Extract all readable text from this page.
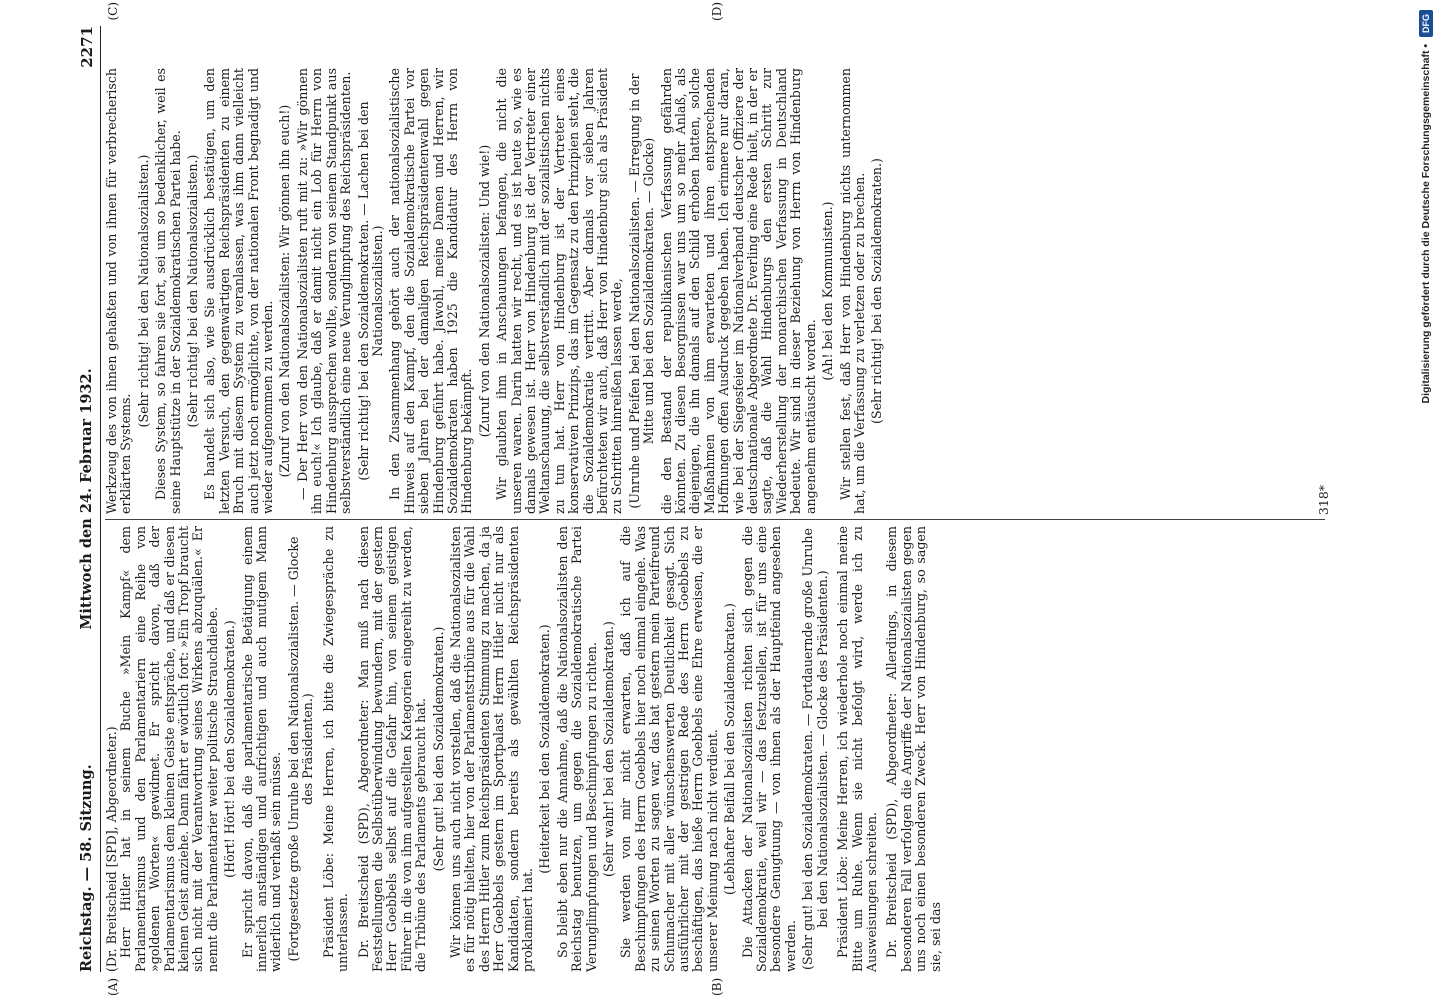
Reichstag. — 58. Sitzung.
Mittwoch den 24. Februar 1932.
2271

(Dr. Breitscheid [SPD], Abgeordneter.) Herr Hitler hat in seinem Buche »Mein Kampf« dem Parlamentarismus und den Parlamentariern eine Reihe von »goldenen Worten« gewidmet. Er spricht davon, daß der Parlamentarismus dem kleinen Geiste entspräche, und daß er diesen kleinen Geist anziehe. Dann fährt er wörtlich fort: »Ein Tropf braucht sich nicht mit der Verantwortung seines Wirkens abzuquälen.« Er nennt die Parlamentarier weiter politische Strauchdiebe. (Hört! Hört! bei den Sozialdemokraten.) Er spricht davon, daß die parlamentarische Betätigung einem innerlich anständigen und aufrichtigen und auch mutigem Mann widerlich und verhaßt sein müsse. (Fortgesetzte große Unruhe bei den Nationalsozialisten. — Glocke des Präsidenten.) Präsident Löbe: Meine Herren, ich bitte die Zwiegespräche zu unterlassen. Dr. Breitscheid (SPD), Abgeordneter: Man muß nach diesen Feststellungen die Selbstüberwindung bewundern, mit der gestern Herr Goebbels selbst auf die Gefahr hin, von seinem geistigen Führer in die von ihm aufgestellten Kategorien eingereiht zu werden, die Tribüne des Parlaments gebraucht hat. (Sehr gut! bei den Sozialdemokraten.) Wir können uns auch nicht vorstellen, daß die Nationalsozialisten es für nötig hielten, hier von der Parlamentstribüne aus für die Wahl des Herrn Hitler zum Reichspräsidenten Stimmung zu machen, da ja Herr Goebbels gestern im Sportpalast Herrn Hitler nicht nur als Kandidaten, sondern bereits als gewählten Reichspräsidenten proklamiert hat.

(Heiterkeit bei den Sozialdemokraten.) So bleibt eben nur die Annahme, daß die Nationalsozialisten den Reichstag benutzen, um gegen die Sozialdemokratische Partei Verunglimpfungen und Beschimpfungen zu richten. (Sehr wahr! bei den Sozialdemokraten.) Sie werden von mir nicht erwarten, daß ich auf die Beschimpfungen des Herrn Goebbels hier noch einmal eingehe. Was zu seinen Worten zu sagen war, das hat gestern mein Parteifreund Schumacher mit aller wünschenswerten Deutlichkeit gesagt. Sich ausführlicher mit der gestrigen Rede des Herrn Goebbels zu beschäftigen, das hieße Herrn Goebbels eine Ehre erweisen, die er unserer Meinung nach nicht verdient. (Lebhafter Beifall bei den Sozialdemokraten.) Die Attacken der Nationalsozialisten richten sich gegen die Sozialdemokratie, weil wir — das festzustellen, ist für uns eine besondere Genugtuung — von ihnen als der Hauptfeind angesehen werden. (Sehr gut! bei den Sozialdemokraten. — Fortdauernde große Unruhe bei den Nationalsozialisten. — Glocke des Präsidenten.) Präsident Löbe: Meine Herren, ich wiederhole noch einmal meine Bitte um Ruhe. Wenn sie nicht befolgt wird, werde ich zu Ausweisungen schreiten. Dr. Breitscheid (SPD), Abgeordneter: Allerdings, in diesem besonderen Fall verfolgen die Angriffe der Nationalsozialisten gegen uns noch einen besonderen Zweck. Herr von Hindenburg, so sagen sie, sei das

Werkzeug des von ihnen gehaßten und von ihnen für verbrecherisch erklärten Systems.

(Sehr richtig! bei den Nationalsozialisten.) Dieses System, so fahren sie fort, sei um so bedenklicher, weil es seine Hauptstütze in der Sozialdemokratischen Partei habe. (Sehr richtig! bei den Nationalsozialisten.) Es handelt sich also, wie Sie ausdrücklich bestätigen, um den letzten Versuch, den gegenwärtigen Reichspräsidenten zu einem Bruch mit diesem System zu veranlassen, was ihm dann vielleicht auch jetzt noch ermöglichte, von der nationalen Front begnadigt und wieder aufgenommen zu werden. (Zuruf von den Nationalsozialisten: Wir gönnen ihn euch!) — Der Herr von den Nationalsozialisten ruft mit zu: »Wir gönnen ihn euch!« Ich glaube, daß er damit nicht ein Lob für Herrn von Hindenburg aussprechen wollte, sondern von seinem Standpunkt aus selbstverständlich eine neue Verunglimpfung des Reichspräsidenten. (Sehr richtig! bei den Sozialdemokraten. — Lachen bei den Nationalsozialisten.) In den Zusammenhang gehört auch der nationalsozialistische Hinweis auf den Kampf, den die Sozialdemokratische Partei vor sieben Jahren bei der damaligen Reichspräsidentenwahl gegen Hindenburg geführt habe. Jawohl, meine Damen und Herren, wir Sozialdemokraten haben 1925 die Kandidatur des Herrn von Hindenburg bekämpft.

(Zuruf von den Nationalsozialisten: Und wie!) Wir glaubten ihm in Anschauungen befangen, die nicht die unseren waren. Darin hatten wir recht, und es ist heute so, wie es damals gewesen ist. Herr von Hindenburg ist der Vertreter einer Weltanschauung, die selbstverständlich mit der sozialistischen nichts zu tun hat. Herr von Hindenburg ist der Vertreter eines konservativen Prinzips, das im Gegensatz zu den Prinzipien steht, die die Sozialdemokratie vertritt. Aber damals vor sieben Jahren befürchteten wir auch, daß Herr von Hindenburg sich als Präsident zu Schritten hinreißen lassen werde, (Unruhe und Pfeifen bei den Nationalsozialisten. — Erregung in der Mitte und bei den Sozialdemokraten. — Glocke) die den Bestand der republikanischen Verfassung gefährden könnten. Zu diesen Besorgnissen war uns um so mehr Anlaß, als diejenigen, die ihn damals auf den Schild erhoben hatten, solche Maßnahmen von ihm erwarteten und ihren entsprechenden Hoffnungen offen Ausdruck gegeben haben. Ich erinnere nur daran, wie bei der Siegesfeier im Nationalverband deutscher Offiziere der deutschnationale Abgeordnete Dr. Everling eine Rede hielt, in der er sagte, daß die Wahl Hindenburgs den ersten Schritt zur Wiederherstellung der monarchischen Verfassung in Deutschland bedeute. Wir sind in dieser Beziehung von Herrn von Hindenburg angenehm enttäuscht worden.

(Ah! bei den Kommunisten.) Wir stellen fest, daß Herr von Hindenburg nichts unternommen hat, um die Verfassung zu verletzen oder zu brechen. (Sehr richtig! bei den Sozialdemokraten.)

(A)	(B)
(C)	(D)
318*
Digitalisierung gefördert durch die Deutsche Forschungsgemeinschaft • DFG
